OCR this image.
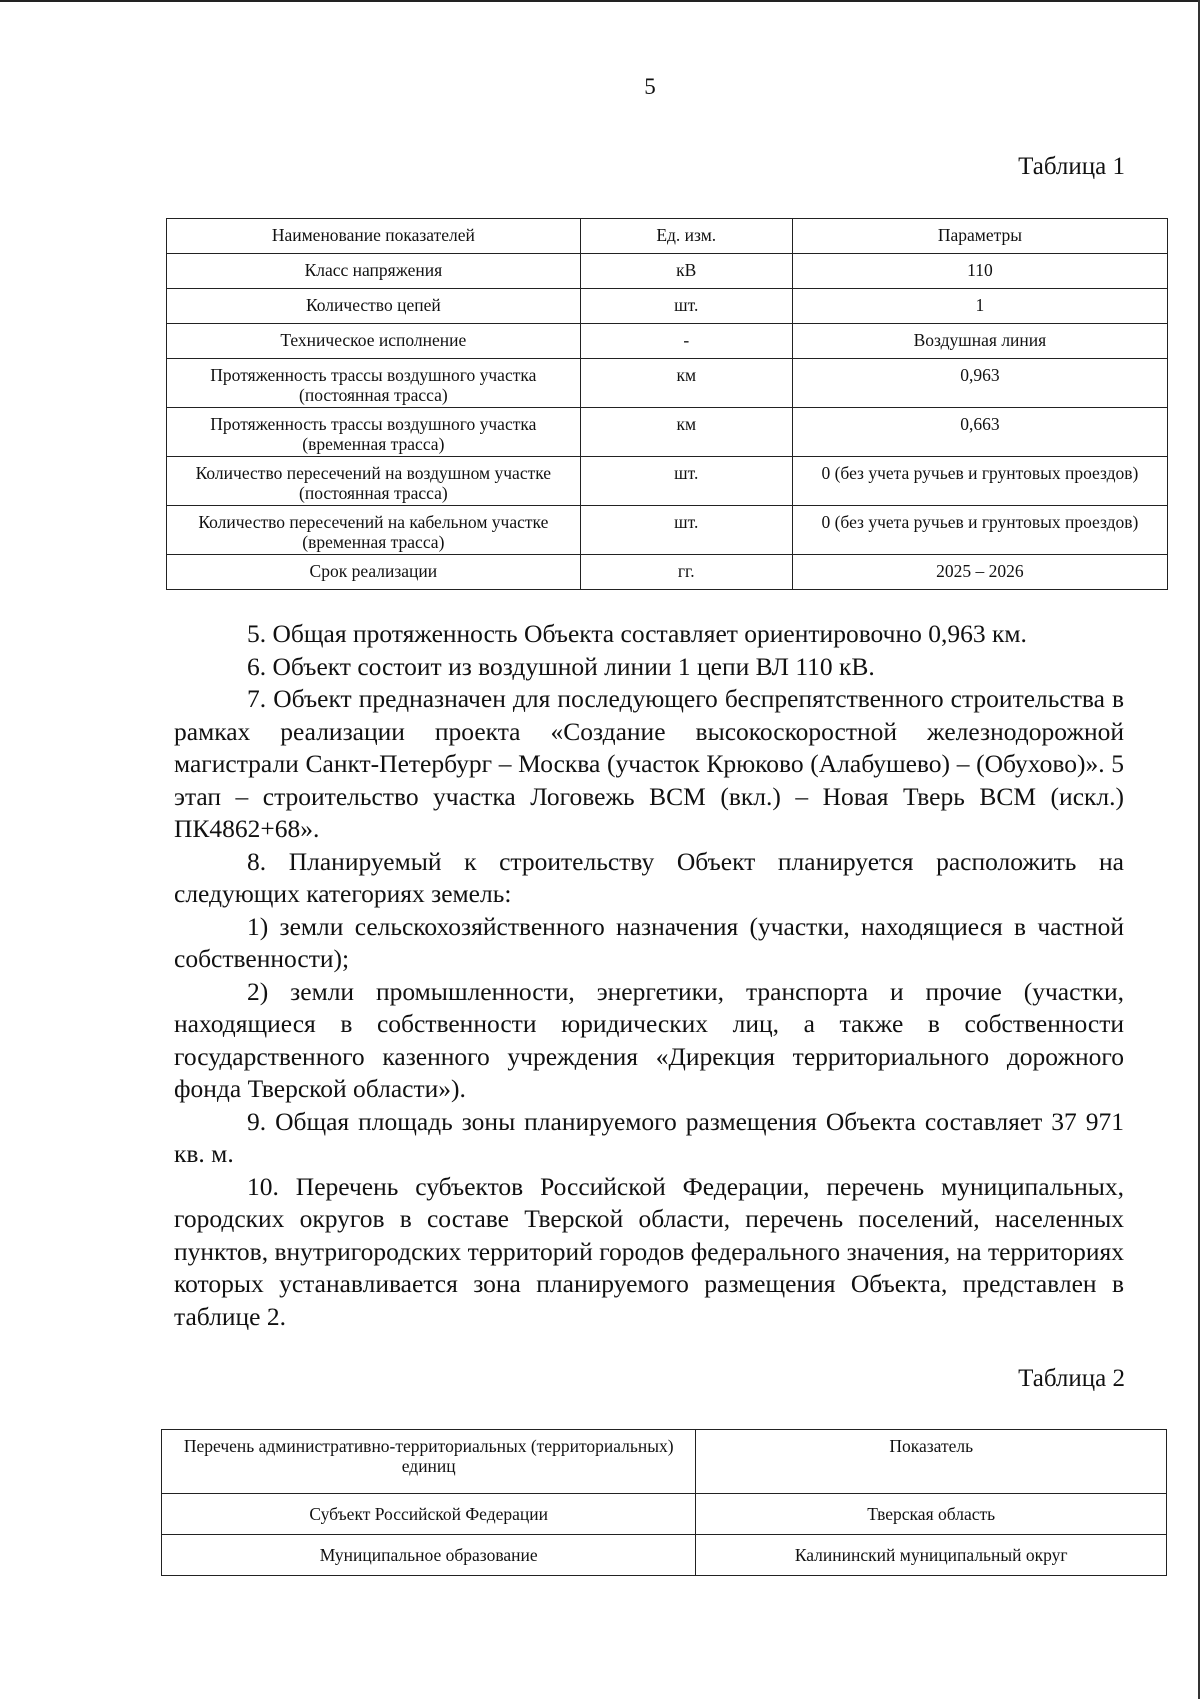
5
Таблица 1
Наименование показателей	Ед. изм.	Параметры
Класс напряжения	кВ	110
Количество цепей	шт.	1
Техническое исполнение	-	Воздушная линия
Протяженность трассы воздушного участка (постоянная трасса)	км	0,963
Протяженность трассы воздушного участка (временная трасса)	км	0,663
Количество пересечений на воздушном участке (постоянная трасса)	шт.	0 (без учета ручьев и грунтовых проездов)
Количество пересечений на кабельном участке (временная трасса)	шт.	0 (без учета ручьев и грунтовых проездов)
Срок реализации	гг.	2025 – 2026

5. Общая протяженность Объекта составляет ориентировочно 0,963 км.

6. Объект состоит из воздушной линии 1 цепи ВЛ 110 кВ.

7. Объект предназначен для последующего беспрепятственного строительства в рамках реализации проекта «Создание высокоскоростной железнодорожной магистрали Санкт-Петербург – Москва (участок Крюково (Алабушево) – (Обухово)». 5 этап – строительство участка Логовежь ВСМ (вкл.) – Новая Тверь ВСМ (искл.) ПК4862+68».

8. Планируемый к строительству Объект планируется расположить на следующих категориях земель:

1) земли сельскохозяйственного назначения (участки, находящиеся в частной собственности);

2) земли промышленности, энергетики, транспорта и прочие (участки, находящиеся в собственности юридических лиц, а также в собственности государственного казенного учреждения «Дирекция территориального дорожного фонда Тверской области»).

9. Общая площадь зоны планируемого размещения Объекта составляет 37 971 кв. м.

10. Перечень субъектов Российской Федерации, перечень муниципальных, городских округов в составе Тверской области, перечень поселений, населенных пунктов, внутригородских территорий городов федерального значения, на территориях которых устанавливается зона планируемого размещения Объекта, представлен в таблице 2.

Таблица 2
Перечень административно-территориальных (территориальных) единиц	Показатель
Субъект Российской Федерации	Тверская область
Муниципальное образование	Калининский муниципальный округ
